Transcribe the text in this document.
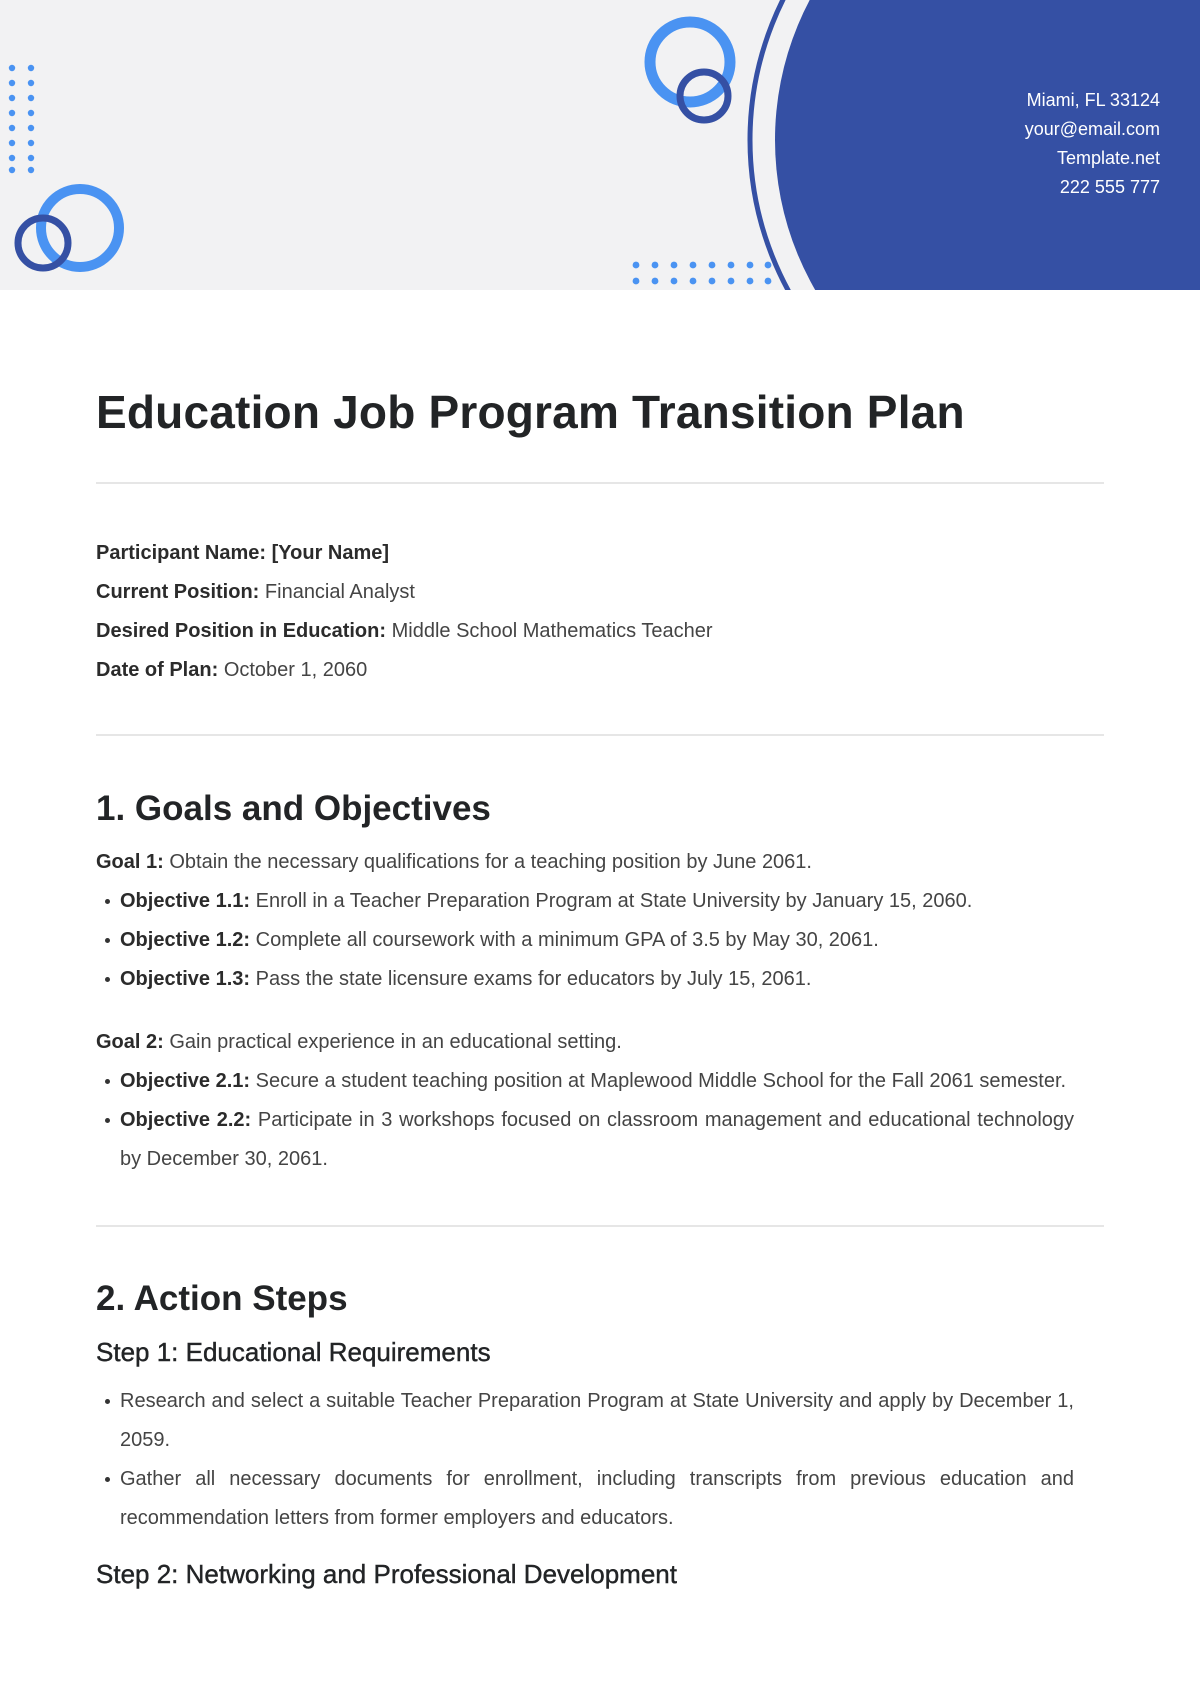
Miami, FL 33124
your@email.com
Template.net
222 555 777
Education Job Program Transition Plan
Participant Name: [Your Name]
Current Position: Financial Analyst
Desired Position in Education: Middle School Mathematics Teacher
Date of Plan: October 1, 2060
1. Goals and Objectives
Goal 1: Obtain the necessary qualifications for a teaching position by June 2061.
Objective 1.1: Enroll in a Teacher Preparation Program at State University by January 15, 2060.
Objective 1.2: Complete all coursework with a minimum GPA of 3.5 by May 30, 2061.
Objective 1.3: Pass the state licensure exams for educators by July 15, 2061.
Goal 2: Gain practical experience in an educational setting.
Objective 2.1: Secure a student teaching position at Maplewood Middle School for the Fall 2061 semester.
Objective 2.2: Participate in 3 workshops focused on classroom management and educational technology by December 30, 2061.
2. Action Steps
Step 1: Educational Requirements
Research and select a suitable Teacher Preparation Program at State University and apply by December 1, 2059.
Gather all necessary documents for enrollment, including transcripts from previous education and recommendation letters from former employers and educators.
Step 2: Networking and Professional Development
